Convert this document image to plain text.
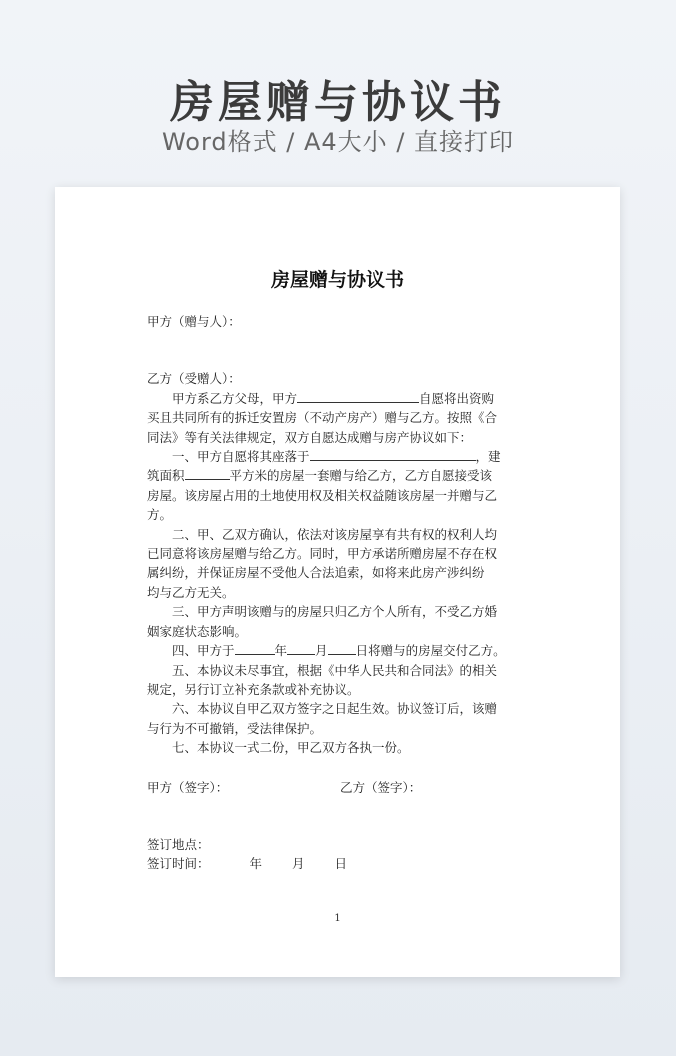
房屋赠与协议书
Word格式 / A4大小 / 直接打印
房屋赠与协议书
甲方（赠与人）：
乙方（受赠人）：
　　甲方系乙方父母，甲方	自愿将出资购
买且共同所有的拆迁安置房（不动产房产）赠与乙方。按照《合
同法》等有关法律规定，双方自愿达成赠与房产协议如下：
　　一、甲方自愿将其座落于	，建
筑面积	平方米的房屋一套赠与给乙方，乙方自愿接受该
房屋。该房屋占用的土地使用权及相关权益随该房屋一并赠与乙
方。
　　二、甲、乙双方确认，依法对该房屋享有共有权的权利人均
已同意将该房屋赠与给乙方。同时，甲方承诺所赠房屋不存在权
属纠纷，并保证房屋不受他人合法追索，如将来此房产涉纠纷
均与乙方无关。
　　三、甲方声明该赠与的房屋只归乙方个人所有，不受乙方婚
姻家庭状态影响。
　　四、甲方于	年 月 日将赠与的房屋交付乙方。
　　五、本协议未尽事宜，根据《中华人民共和合同法》的相关
规定，另行订立补充条款或补充协议。
　　六、本协议自甲乙双方签字之日起生效。协议签订后，该赠
与行为不可撤销，受法律保护。
　　七、本协议一式二份，甲乙双方各执一份。
甲方（签字）：	乙方（签字）：
签订地点：
签订时间：	年 月 日
1
